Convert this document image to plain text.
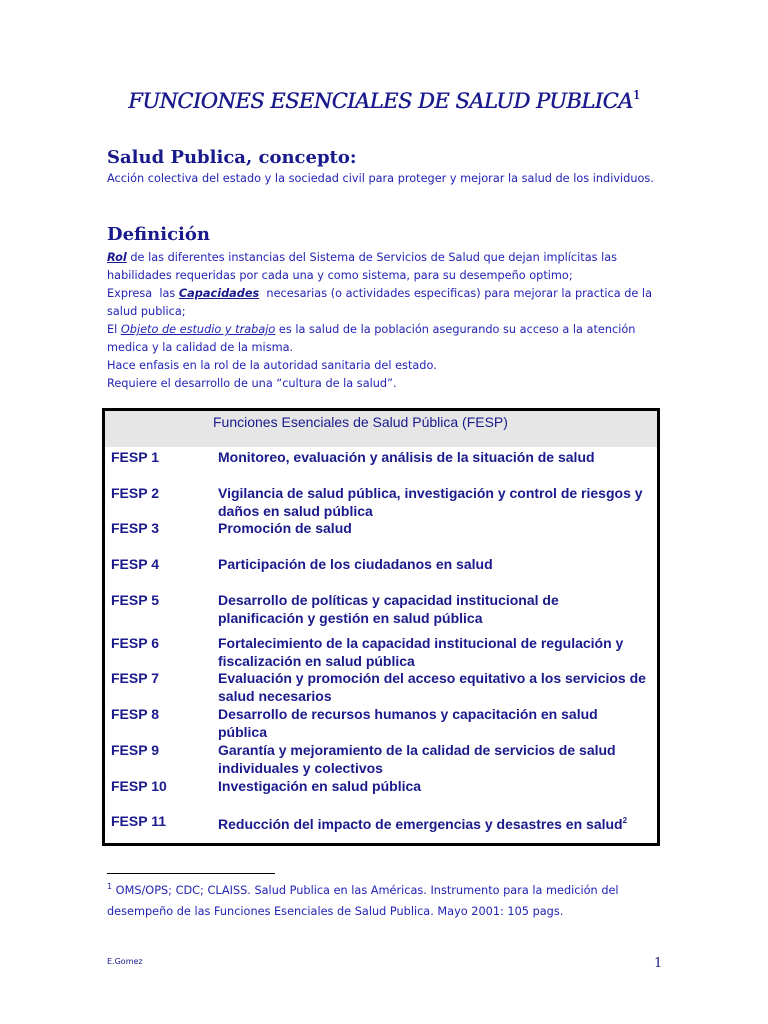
FUNCIONES ESENCIALES DE SALUD PUBLICA$^1$
Salud Publica, concepto:
Acción colectiva del estado y la sociedad civil para proteger y mejorar la salud de los individuos.
Definición
Rol de las diferentes instancias del Sistema de Servicios de Salud que dejan implícitas las habilidades requeridas por cada una y como sistema, para su desempeño optimo;
Expresa  las Capacidades  necesarias (o actividades especificas) para mejorar la practica de la salud publica;
El Objeto de estudio y trabajo es la salud de la población asegurando su acceso a la atención medica y la calidad de la misma.
Hace enfasis en la rol de la autoridad sanitaria del estado.
Requiere el desarrollo de una “cultura de la salud”.
Funciones Esenciales de Salud Pública (FESP)
FESP 1	Monitoreo, evaluación y análisis de la situación de salud
FESP 2	Vigilancia de salud pública, investigación y control de riesgos y daños en salud pública
FESP 3	Promoción de salud
FESP 4	Participación de los ciudadanos en salud
FESP 5	Desarrollo de políticas y capacidad institucional de planificación y gestión en salud pública
FESP 6	Fortalecimiento de la capacidad institucional de regulación y fiscalización en salud pública
FESP 7	Evaluación y promoción del acceso equitativo a los servicios de salud necesarios
FESP 8	Desarrollo de recursos humanos y capacitación en salud pública
FESP 9	Garantía y mejoramiento de la calidad de servicios de salud individuales y colectivos
FESP 10	Investigación en salud pública
FESP 11	Reducción del impacto de emergencias y desastres en salud$^2$
$^1$ OMS/OPS; CDC; CLAISS. Salud Publica en las Américas. Instrumento para la medición del desempeño de las Funciones Esenciales de Salud Publica. Mayo 2001: 105 pags.
E.Gomez	1
